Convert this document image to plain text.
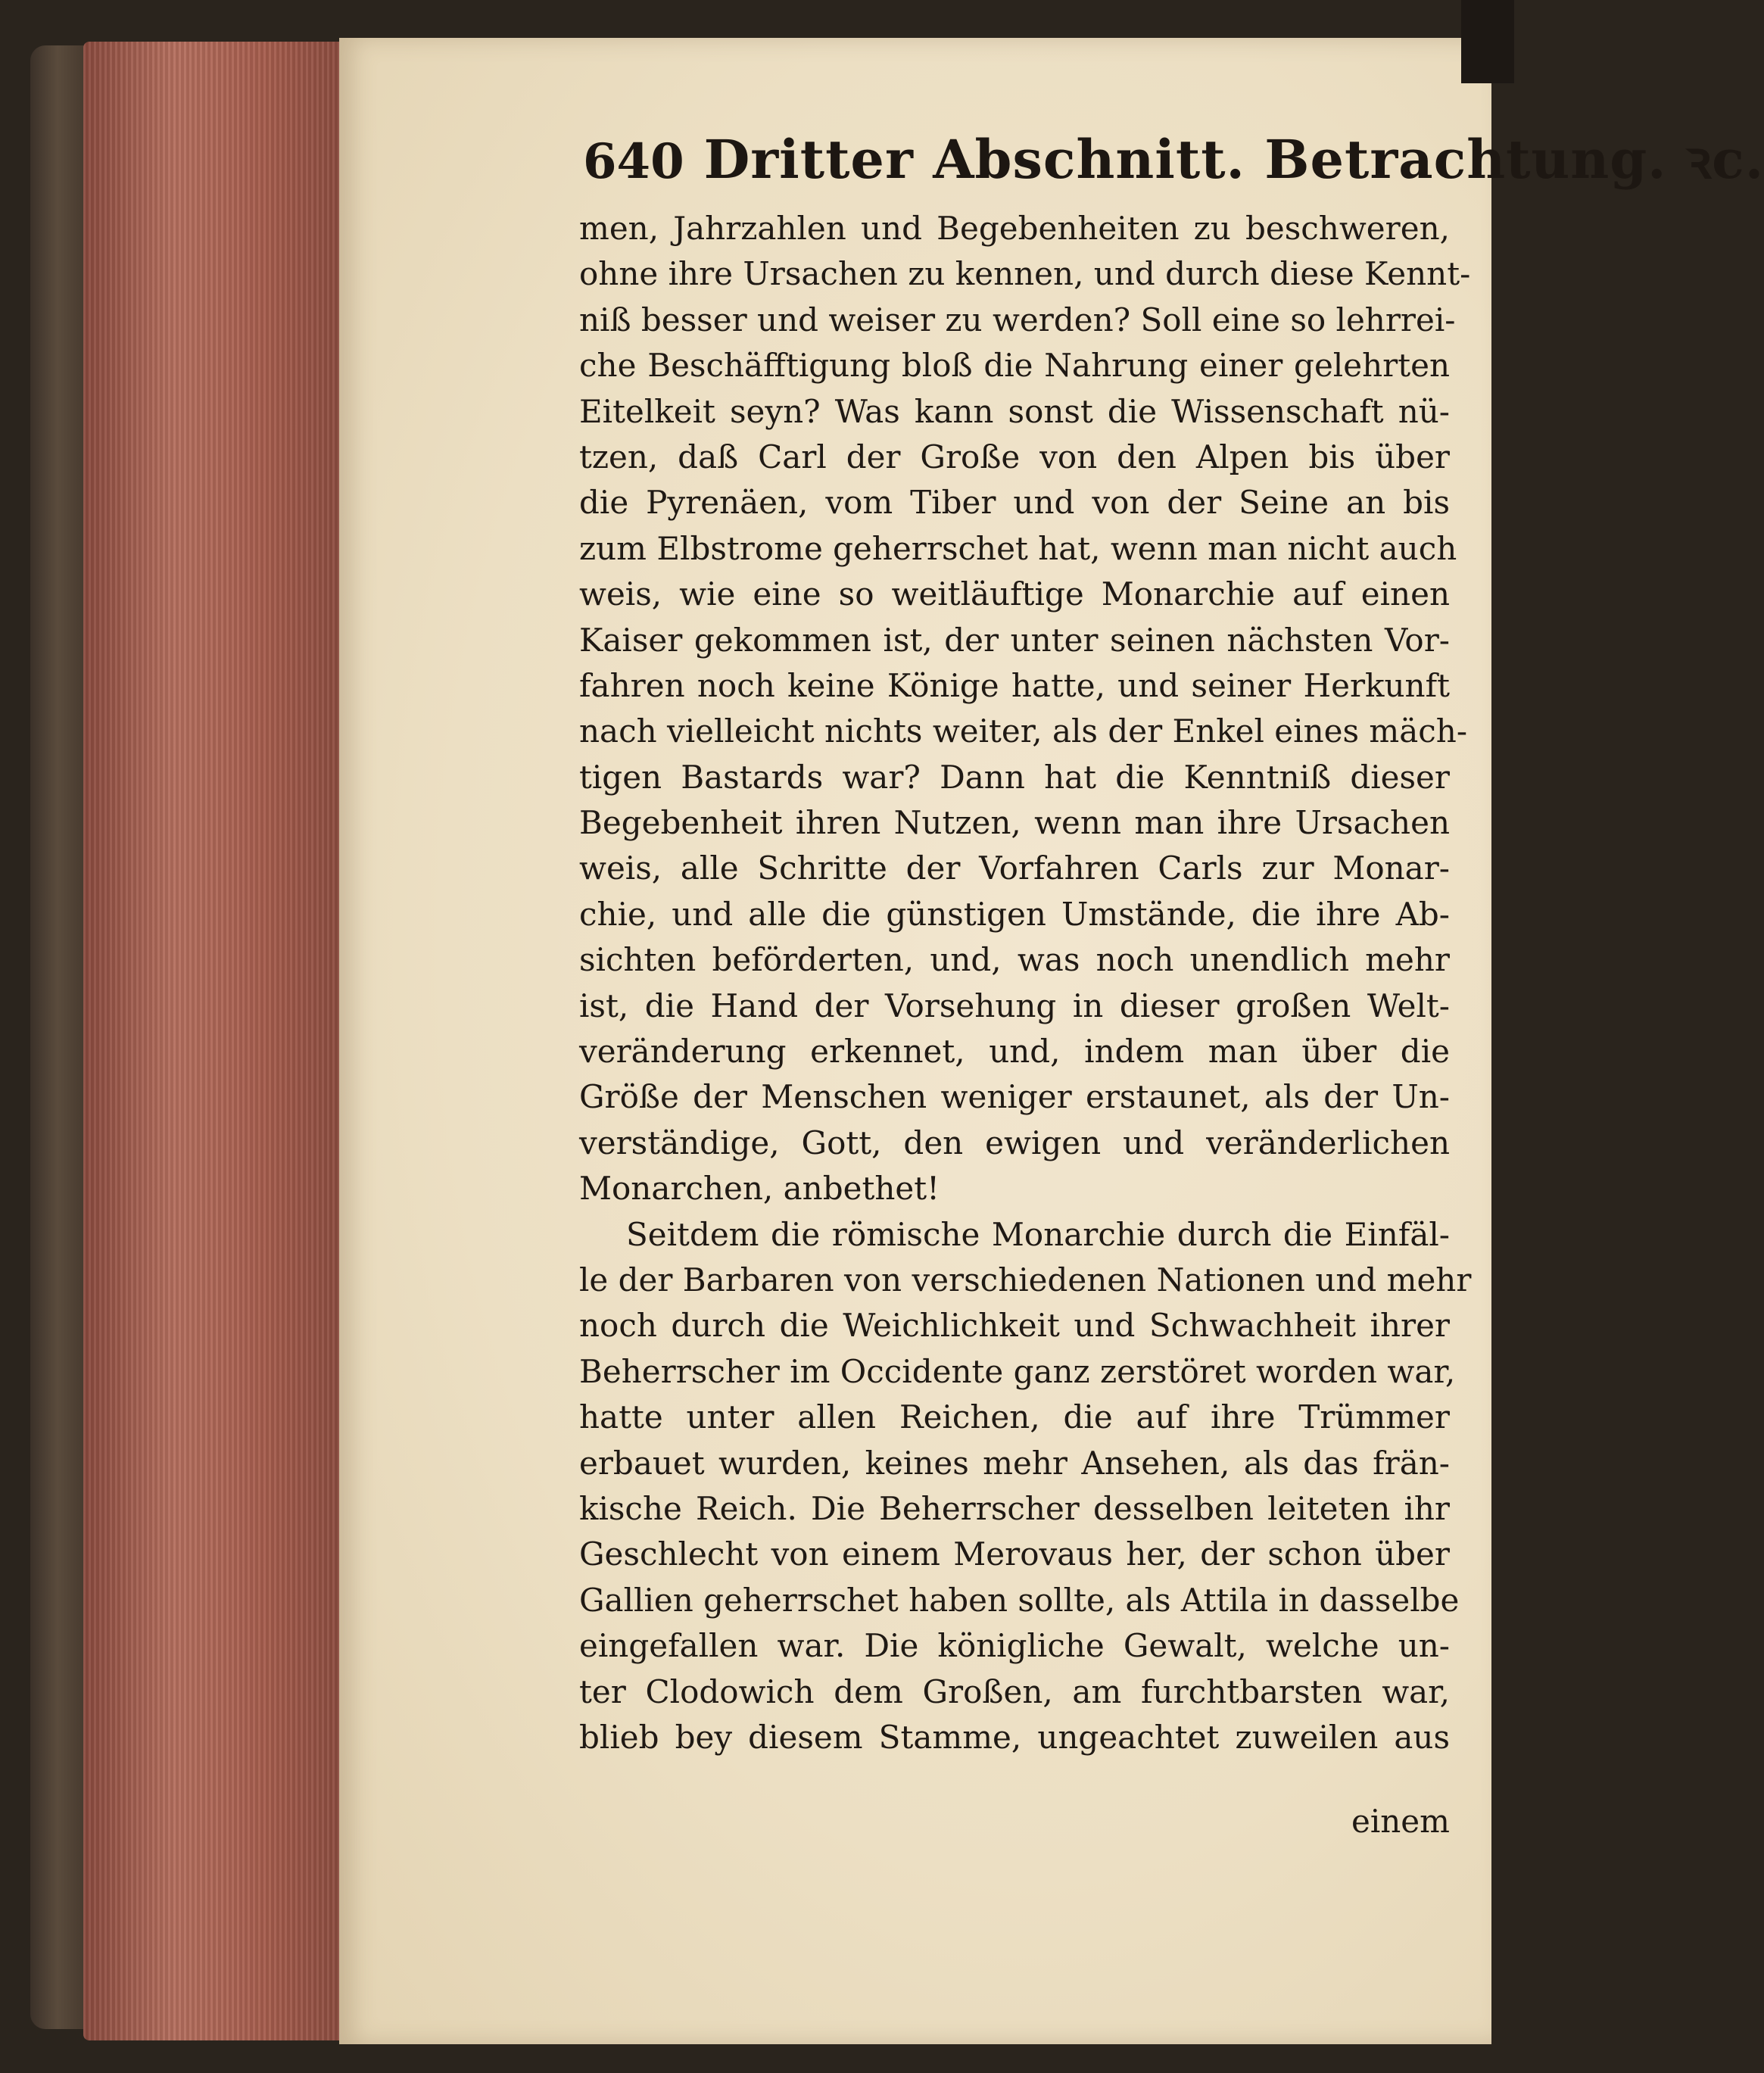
640 Dritter Abschnitt. Betrachtung. ꝛc.
men, Jahrzahlen und Begebenheiten zu beschweren,
ohne ihre Ursachen zu kennen, und durch diese Kennt-
niß besser und weiser zu werden? Soll eine so lehrrei-
che Beschäfftigung bloß die Nahrung einer gelehrten
Eitelkeit seyn? Was kann sonst die Wissenschaft nü-
tzen, daß Carl der Große von den Alpen bis über
die Pyrenäen, vom Tiber und von der Seine an bis
zum Elbstrome geherrschet hat, wenn man nicht auch
weis, wie eine so weitläuftige Monarchie auf einen
Kaiser gekommen ist, der unter seinen nächsten Vor-
fahren noch keine Könige hatte, und seiner Herkunft
nach vielleicht nichts weiter, als der Enkel eines mäch-
tigen Bastards war? Dann hat die Kenntniß dieser
Begebenheit ihren Nutzen, wenn man ihre Ursachen
weis, alle Schritte der Vorfahren Carls zur Monar-
chie, und alle die günstigen Umstände, die ihre Ab-
sichten beförderten, und, was noch unendlich mehr
ist, die Hand der Vorsehung in dieser großen Welt-
veränderung erkennet, und, indem man über die
Größe der Menschen weniger erstaunet, als der Un-
verständige, Gott, den ewigen und veränderlichen
Monarchen, anbethet!
Seitdem die römische Monarchie durch die Einfäl-
le der Barbaren von verschiedenen Nationen und mehr
noch durch die Weichlichkeit und Schwachheit ihrer
Beherrscher im Occidente ganz zerstöret worden war,
hatte unter allen Reichen, die auf ihre Trümmer
erbauet wurden, keines mehr Ansehen, als das frän-
kische Reich. Die Beherrscher desselben leiteten ihr
Geschlecht von einem Merovaus her, der schon über
Gallien geherrschet haben sollte, als Attila in dasselbe
eingefallen war. Die königliche Gewalt, welche un-
ter Clodowich dem Großen, am furchtbarsten war,
blieb bey diesem Stamme, ungeachtet zuweilen aus
einem
